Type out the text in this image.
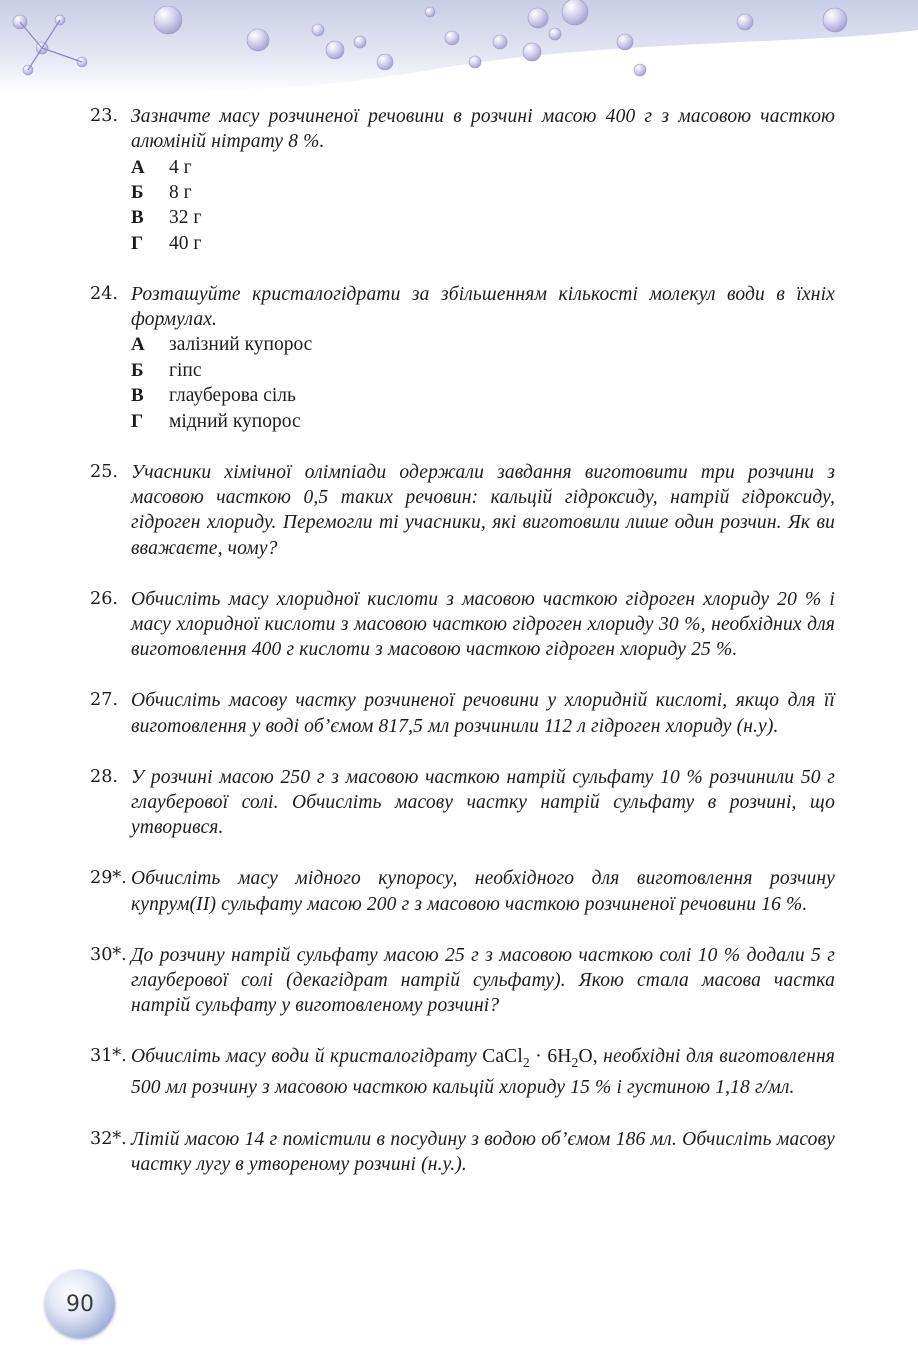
23. Зазначте масу розчиненої речовини в розчині масою 400 г з масовою часткою алюміній нітрату 8 %.
А	4 г
Б	8 г
В	32 г
Г	40 г
24. Розташуйте кристалогідрати за збільшенням кількості молекул води в їхніх формулах.
А	залізний купорос
Б	гіпс
В	глауберова сіль
Г	мідний купорос
25. Учасники хімічної олімпіади одержали завдання виготовити три розчини з масовою часткою 0,5 таких речовин: кальцій гідроксиду, натрій гідроксиду, гідроген хлориду. Перемогли ті учасники, які виготовили лише один розчин. Як ви вважаєте, чому?
26. Обчисліть масу хлоридної кислоти з масовою часткою гідроген хлориду 20 % і масу хлоридної кислоти з масовою часткою гідроген хлориду 30 %, необхідних для виготовлення 400 г кислоти з масовою часткою гідроген хлориду 25 %.
27. Обчисліть масову частку розчиненої речовини у хлоридній кислоті, якщо для її виготовлення у воді об’ємом 817,5 мл розчинили 112 л гідроген хлориду (н.у).
28. У розчині масою 250 г з масовою часткою натрій сульфату 10 % розчинили 50 г глауберової солі. Обчисліть масову частку натрій сульфату в розчині, що утворився.
29*. Обчисліть масу мідного купоросу, необхідного для виготовлення розчину купрум(ІІ) сульфату масою 200 г з масовою часткою розчиненої речовини 16 %.
30*. До розчину натрій сульфату масою 25 г з масовою часткою солі 10 % додали 5 г глауберової солі (декагідрат натрій сульфату). Якою стала масова частка натрій сульфату у виготовленому розчині?
31*. Обчисліть масу води й кристалогідрату CaCl$_2$ · $6H_2O$, необхідні для виготовлення 500 мл розчину з масовою часткою кальцій хлориду 15 % і густиною 1,18 г/мл.
32*. Літій масою 14 г помістили в посудину з водою об’ємом 186 мл. Обчисліть масову частку лугу в утвореному розчині (н.у.).
90
